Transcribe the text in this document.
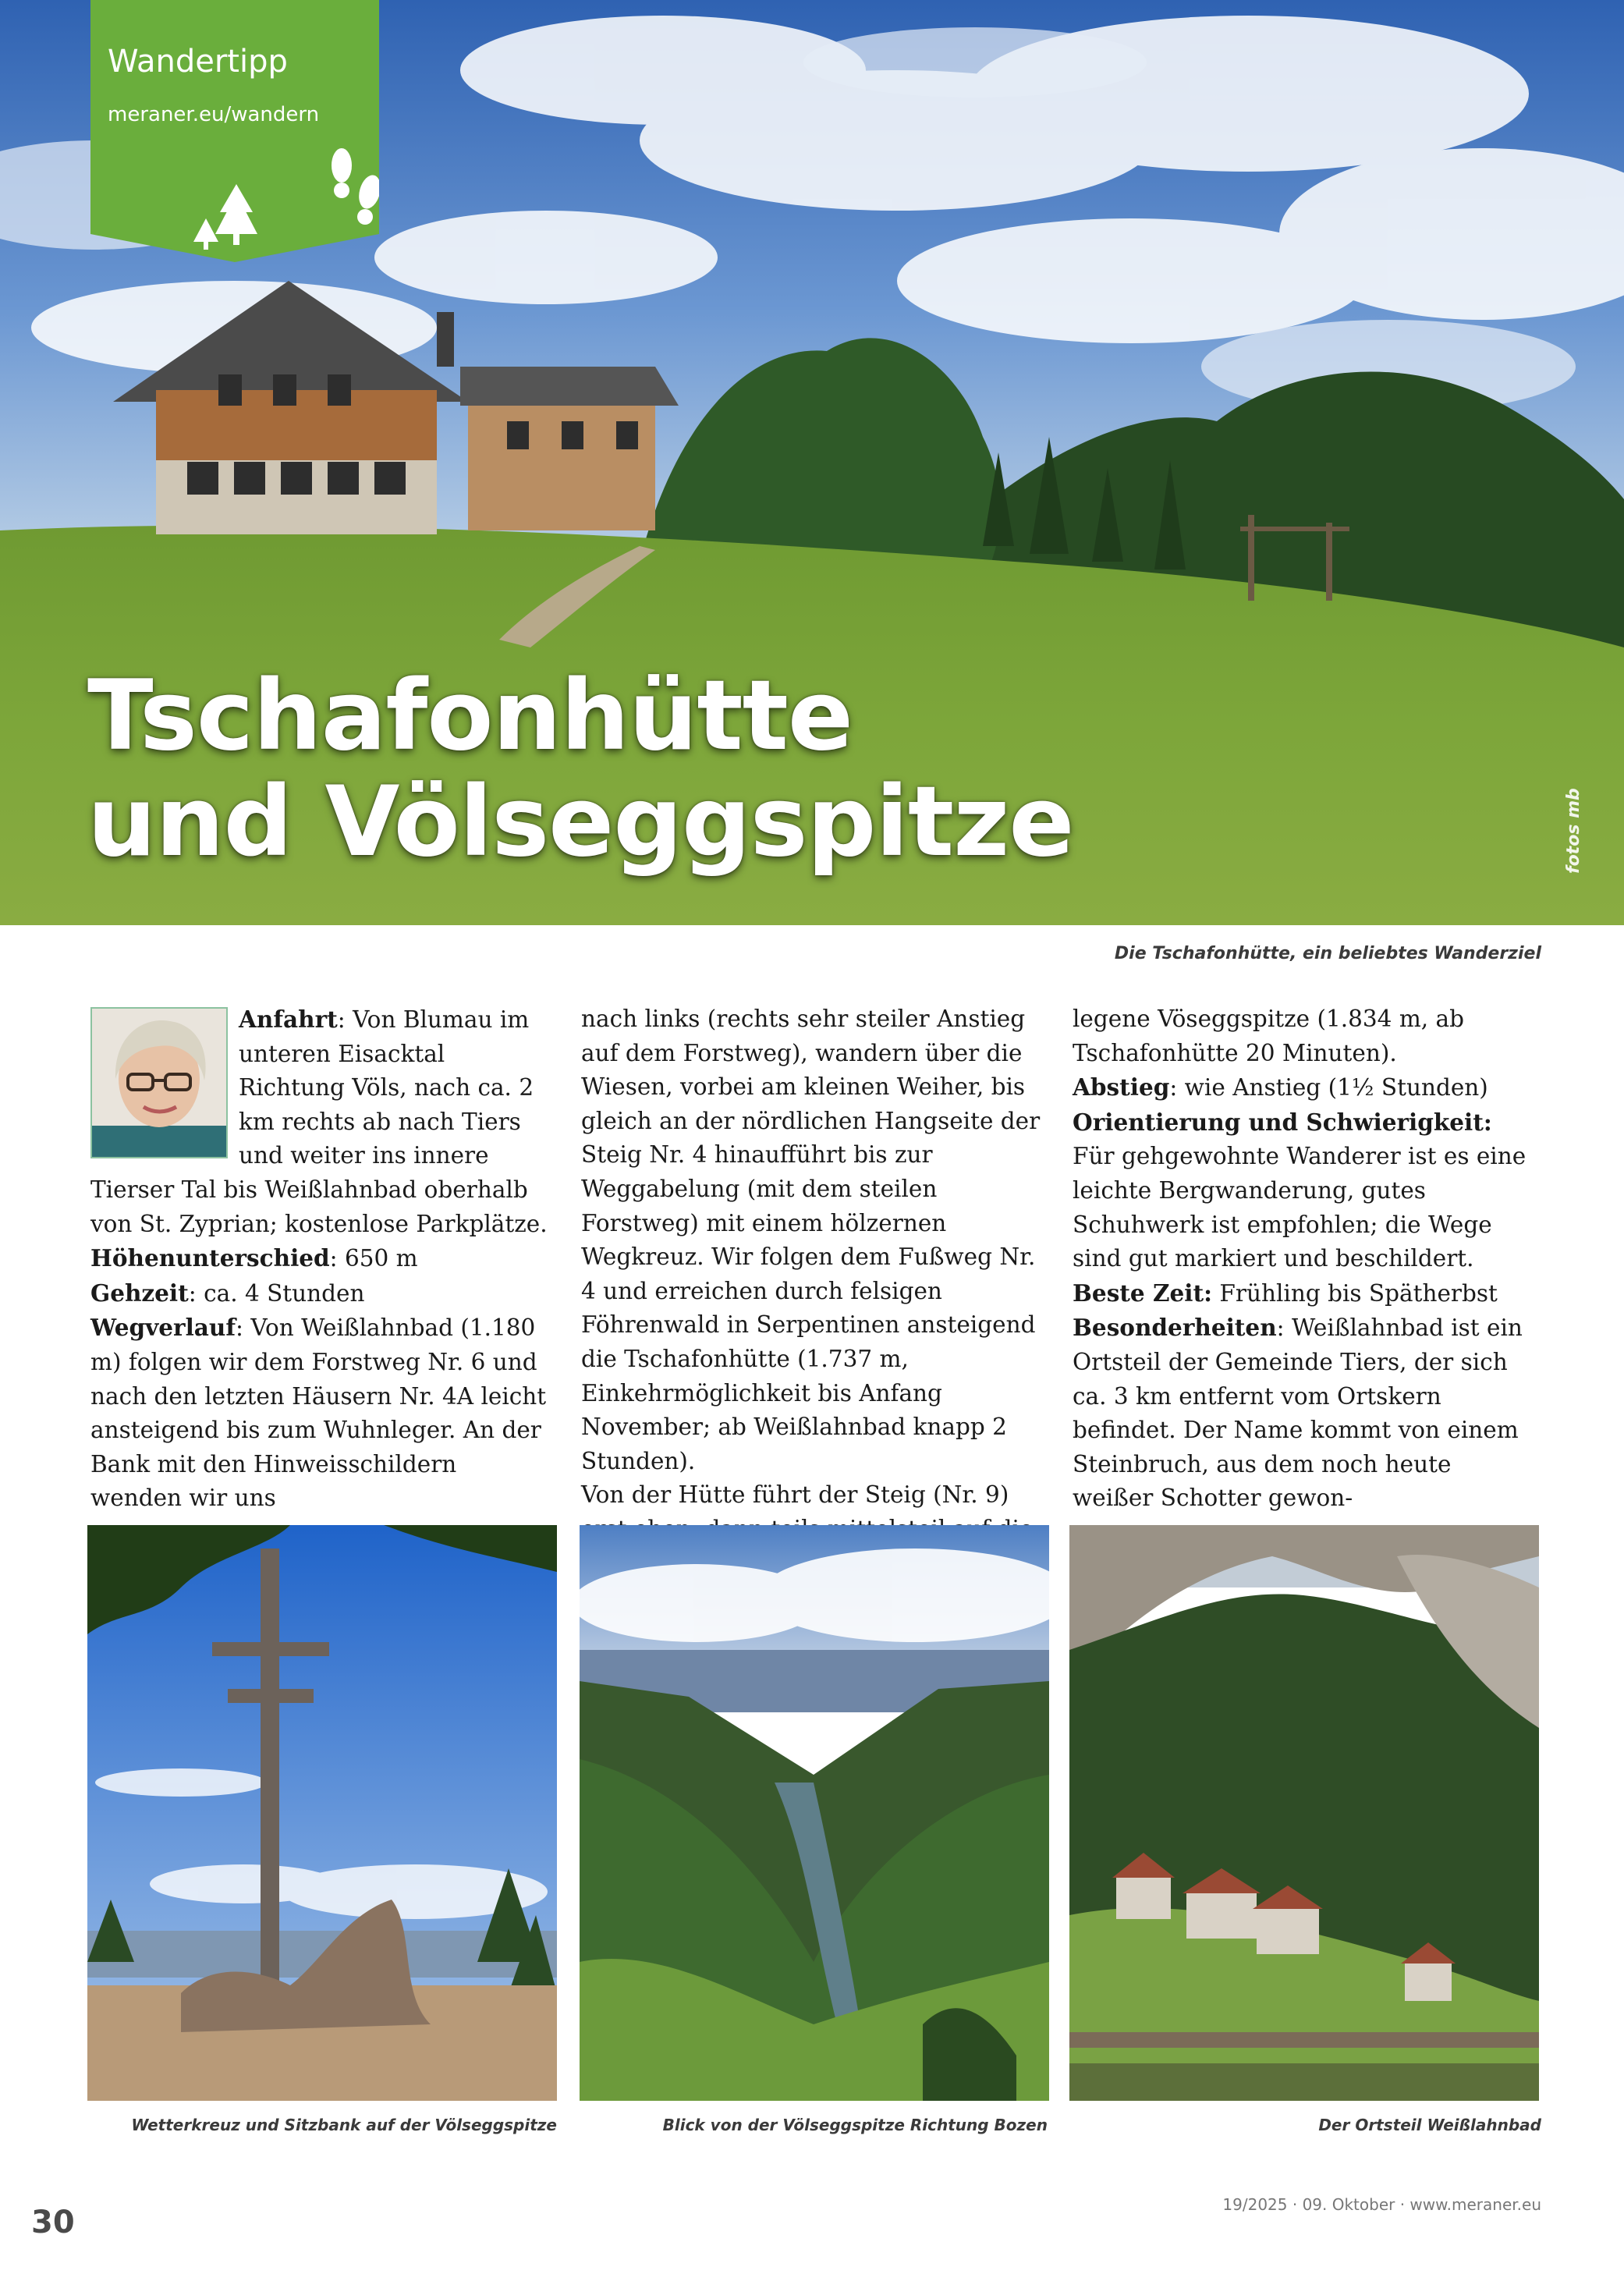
Wandertipp
meraner.eu/wandern
Tschafonhütte
und Völseggspitze	fotos mb
Die Tschafonhütte, ein beliebtes Wanderziel
Anfahrt: Von Blumau im unteren Eisacktal Richtung Völs, nach ca. 2 km rechts ab nach Tiers und weiter ins innere Tierser Tal bis Weißlahnbad oberhalb von St. Zyprian; kostenlose Parkplätze.
Höhenunterschied: 650 m
Gehzeit: ca. 4 Stunden
Wegverlauf: Von Weißlahnbad (1.180 m) folgen wir dem Forstweg Nr. 6 und nach den letzten Häusern Nr. 4A leicht ansteigend bis zum Wuhnleger. An der Bank mit den Hinweisschildern wenden wir uns
nach links (rechts sehr steiler Anstieg auf dem Forstweg), wandern über die Wiesen, vorbei am kleinen Weiher, bis gleich an der nördlichen Hangseite der Steig Nr. 4 hinaufführt bis zur Weggabelung (mit dem steilen Forstweg) mit einem hölzernen Wegkreuz. Wir folgen dem Fußweg Nr. 4 und erreichen durch felsigen Föhrenwald in Serpentinen ansteigend die Tschafonhütte (1.737 m, Einkehrmöglichkeit bis Anfang November; ab Weißlahnbad knapp 2 Stunden).
Von der Hütte führt der Steig (Nr. 9)
legene Vöseggspitze (1.834 m, ab Tschafonhütte 20 Minuten).
Abstieg: wie Anstieg (1½ Stunden)
Orientierung und Schwierigkeit: Für gehgewohnte Wanderer ist es eine leichte Bergwanderung, gutes Schuhwerk ist empfohlen; die Wege sind gut markiert und beschildert.
Beste Zeit: Frühling bis Spätherbst
Besonderheiten: Weißlahnbad ist ein Ortsteil der Gemeinde Tiers, der sich ca. 3 km entfernt vom Ortskern befindet. Der Name kommt von einem Steinbruch, aus dem noch heute weißer Schotter gewon-
Wetterkreuz und Sitzbank auf der Völseggspitze	Blick von der Völseggspitze Richtung Bozen	Der Ortsteil Weißlahnbad
30	19/2025 · 09. Oktober · www.meraner.eu
